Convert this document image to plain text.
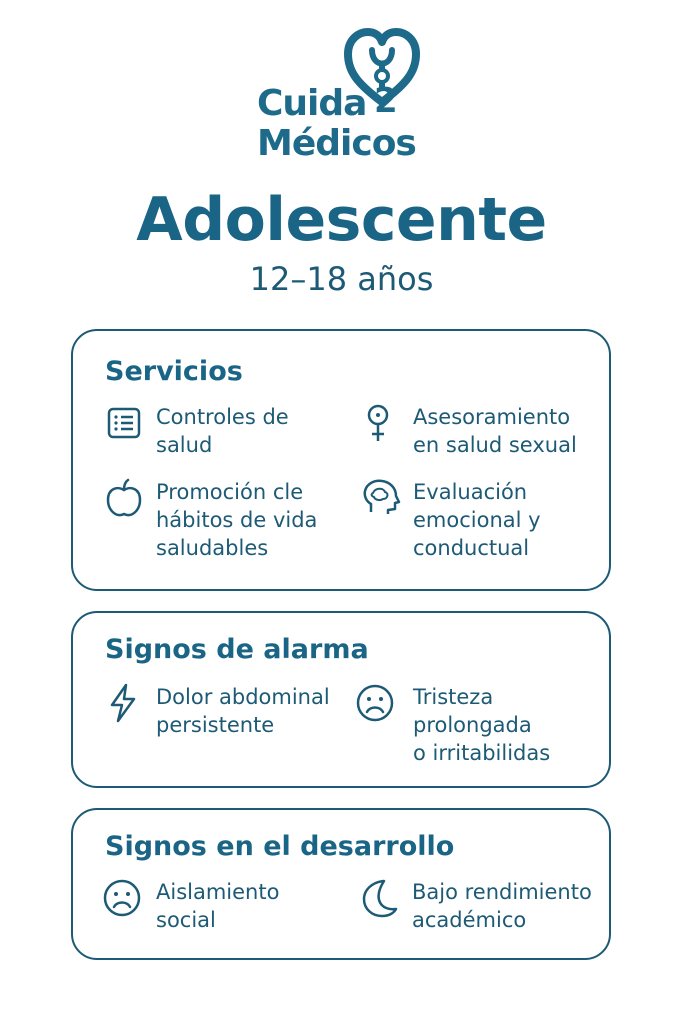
Cuida 2
Médicos
Adolescente
12–18 años
Servicios
Controles de
salud
Asesoramiento
en salud sexual
Promoción cle
hábitos de vida
saludables
Evaluación
emocional y
conductual
Signos de alarma
Dolor abdominal
persistente
Tristeza
prolongada
o irritabilidas
Signos en el desarrollo
Aislamiento
social
Bajo rendimiento
académico
